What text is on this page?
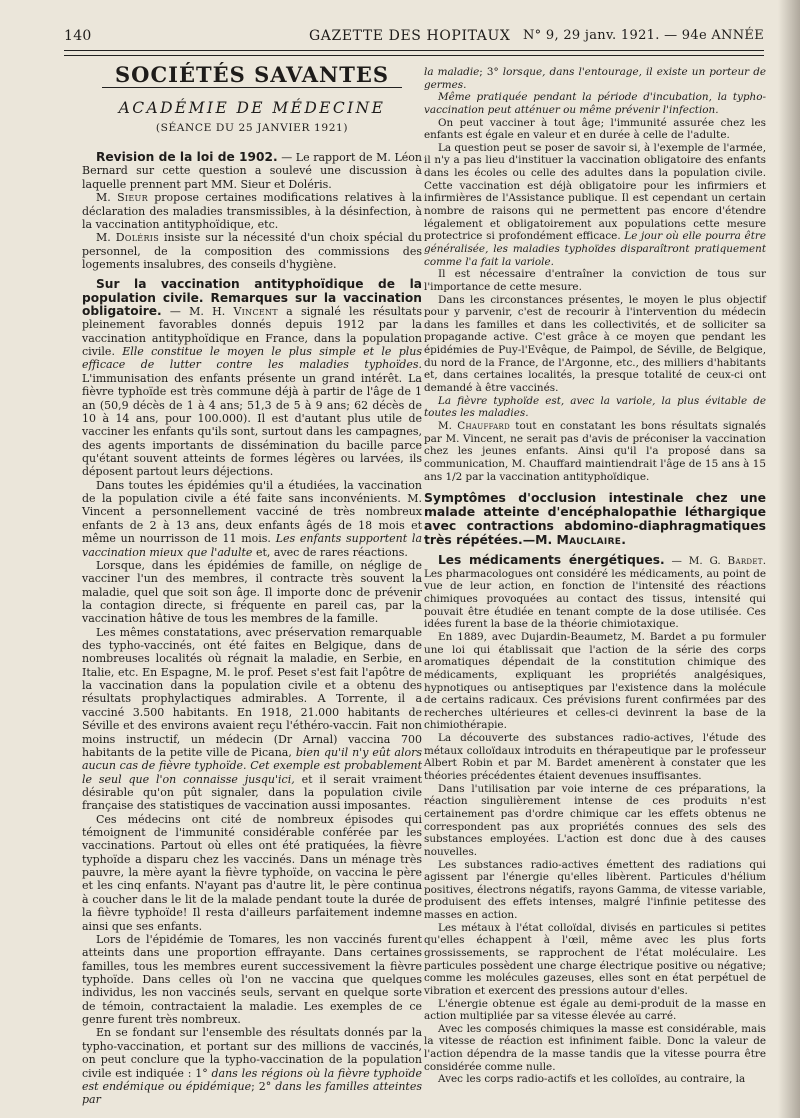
140	GAZETTE DES HOPITAUX N° 9, 29 janv. 1921. — 94e ANNÉE
SOCIÉTÉS SAVANTES
ACADÉMIE DE MÉDECINE
(SÉANCE DU 25 JANVIER 1921)

Revision de la loi de 1902. — Le rapport de M. Léon Bernard sur cette question a soulevé une discussion à laquelle prennent part MM. Sieur et Doléris.

M. Sieur propose certaines modifications relatives à la déclaration des maladies transmissibles, à la désinfection, à la vaccination antityphoïdique, etc.

M. Doléris insiste sur la nécessité d'un choix spécial du personnel, de la composition des commissions des logements insalubres, des conseils d'hygiène.

Sur la vaccination antityphoïdique de la population civile. Remarques sur la vaccination obligatoire. — M. H. Vincent a signalé les résultats pleinement favorables donnés depuis 1912 par la vaccination antityphoïdique en France, dans la population civile. Elle constitue le moyen le plus simple et le plus efficace de lutter contre les maladies typhoïdes. L'immunisation des enfants présente un grand intérêt. La fièvre typhoïde est très commune déjà à partir de l'âge de 1 an (50,9 décès de 1 à 4 ans; 51,3 de 5 à 9 ans; 62 décès de 10 à 14 ans, pour 100.000). Il est d'autant plus utile de vacciner les enfants qu'ils sont, surtout dans les campagnes, des agents importants de dissémination du bacille parce qu'étant souvent atteints de formes légères ou larvées, ils déposent partout leurs déjections.

Dans toutes les épidémies qu'il a étudiées, la vaccination de la population civile a été faite sans inconvénients. M. Vincent a personnellement vacciné de très nombreux enfants de 2 à 13 ans, deux enfants âgés de 18 mois et même un nourrisson de 11 mois. Les enfants supportent la vaccination mieux que l'adulte et, avec de rares réactions.

Lorsque, dans les épidémies de famille, on néglige de vacciner l'un des membres, il contracte très souvent la maladie, quel que soit son âge. Il importe donc de prévenir la contagion directe, si fréquente en pareil cas, par la vaccination hâtive de tous les membres de la famille.

Les mêmes constatations, avec préservation remarquable des typho-vaccinés, ont été faites en Belgique, dans de nombreuses localités où régnait la maladie, en Serbie, en Italie, etc. En Espagne, M. le prof. Peset s'est fait l'apôtre de la vaccination dans la population civile et a obtenu des résultats prophylactiques admirables. A Torrente, il a vacciné 3.500 habitants. En 1918, 21.000 habitants de Séville et des environs avaient reçu l'éthéro-vaccin. Fait non moins instructif, un médecin (Dr Arnal) vaccina 700 habitants de la petite ville de Picana, bien qu'il n'y eût alors aucun cas de fièvre typhoïde. Cet exemple est probablement le seul que l'on connaisse jusqu'ici, et il serait vraiment désirable qu'on pût signaler, dans la population civile française des statistiques de vaccination aussi imposantes.

Ces médecins ont cité de nombreux épisodes qui témoignent de l'immunité considérable conférée par les vaccinations. Partout où elles ont été pratiquées, la fièvre typhoïde a disparu chez les vaccinés. Dans un ménage très pauvre, la mère ayant la fièvre typhoïde, on vaccina le père et les cinq enfants. N'ayant pas d'autre lit, le père continua à coucher dans le lit de la malade pendant toute la durée de la fièvre typhoïde! Il resta d'ailleurs parfaitement indemne ainsi que ses enfants.

Lors de l'épidémie de Tomares, les non vaccinés furent atteints dans une proportion effrayante. Dans certaines familles, tous les membres eurent successivement la fièvre typhoïde. Dans celles où l'on ne vaccina que quelques individus, les non vaccinés seuls, servant en quelque sorte de témoin, contractaient la maladie. Les exemples de ce genre furent très nombreux.

En se fondant sur l'ensemble des résultats donnés par la typho-vaccination, et portant sur des millions de vaccinés, on peut conclure que la typho-vaccination de la population civile est indiquée : 1° dans les régions où la fièvre typhoïde est endémique ou épidémique; 2° dans les familles atteintes par

la maladie; 3° lorsque, dans l'entourage, il existe un porteur de germes.

Même pratiquée pendant la période d'incubation, la typho-vaccination peut atténuer ou même prévenir l'infection.

On peut vacciner à tout âge; l'immunité assurée chez les enfants est égale en valeur et en durée à celle de l'adulte.

La question peut se poser de savoir si, à l'exemple de l'armée, il n'y a pas lieu d'instituer la vaccination obligatoire des enfants dans les écoles ou celle des adultes dans la population civile. Cette vaccination est déjà obligatoire pour les infirmiers et infirmières de l'Assistance publique. Il est cependant un certain nombre de raisons qui ne permettent pas encore d'étendre légalement et obligatoirement aux populations cette mesure protectrice si profondément efficace. Le jour où elle pourra être généralisée, les maladies typhoïdes disparaîtront pratiquement comme l'a fait la variole.

Il est nécessaire d'entraîner la conviction de tous sur l'importance de cette mesure.

Dans les circonstances présentes, le moyen le plus objectif pour y parvenir, c'est de recourir à l'intervention du médecin dans les familles et dans les collectivités, et de solliciter sa propagande active. C'est grâce à ce moyen que pendant les épidémies de Puy-l'Evêque, de Paimpol, de Séville, de Belgique, du nord de la France, de l'Argonne, etc., des milliers d'habitants et, dans certaines localités, la presque totalité de ceux-ci ont demandé à être vaccinés.

La fièvre typhoïde est, avec la variole, la plus évitable de toutes les maladies.

M. Chauffard tout en constatant les bons résultats signalés par M. Vincent, ne serait pas d'avis de préconiser la vaccination chez les jeunes enfants. Ainsi qu'il l'a proposé dans sa communication, M. Chauffard maintiendrait l'âge de 15 ans à 15 ans 1/2 par la vaccination antityphoïdique.

Symptômes d'occlusion intestinale chez une malade atteinte d'encéphalopathie léthargique avec contractions abdomino-diaphragmatiques très répétées.—M. Mauclaire.

Les médicaments énergétiques. — M. G. Bardet. Les pharmacologues ont considéré les médicaments, au point de vue de leur action, en fonction de l'intensité des réactions chimiques provoquées au contact des tissus, intensité qui pouvait être étudiée en tenant compte de la dose utilisée. Ces idées furent la base de la théorie chimiotaxique.

En 1889, avec Dujardin-Beaumetz, M. Bardet a pu formuler une loi qui établissait que l'action de la série des corps aromatiques dépendait de la constitution chimique des médicaments, expliquant les propriétés analgésiques, hypnotiques ou antiseptiques par l'existence dans la molécule de certains radicaux. Ces prévisions furent confirmées par des recherches ultérieures et celles-ci devinrent la base de la chimiothérapie.

La découverte des substances radio-actives, l'étude des métaux colloïdaux introduits en thérapeutique par le professeur Albert Robin et par M. Bardet amenèrent à constater que les théories précédentes étaient devenues insuffisantes.

Dans l'utilisation par voie interne de ces préparations, la réaction singulièrement intense de ces produits n'est certainement pas d'ordre chimique car les effets obtenus ne correspondent pas aux propriétés connues des sels des substances employées. L'action est donc due à des causes nouvelles.

Les substances radio-actives émettent des radiations qui agissent par l'énergie qu'elles libèrent. Particules d'hélium positives, électrons négatifs, rayons Gamma, de vitesse variable, produisent des effets intenses, malgré l'infinie petitesse des masses en action.

Les métaux à l'état colloïdal, divisés en particules si petites qu'elles échappent à l'œil, même avec les plus forts grossissements, se rapprochent de l'état moléculaire. Les particules possèdent une charge électrique positive ou négative; comme les molécules gazeuses, elles sont en état perpétuel de vibration et exercent des pressions autour d'elles.

L'énergie obtenue est égale au demi-produit de la masse en action multipliée par sa vitesse élevée au carré.

Avec les composés chimiques la masse est considérable, mais la vitesse de réaction est infiniment faible. Donc la valeur de l'action dépendra de la masse tandis que la vitesse pourra être considérée comme nulle.

Avec les corps radio-actifs et les colloïdes, au contraire, la
